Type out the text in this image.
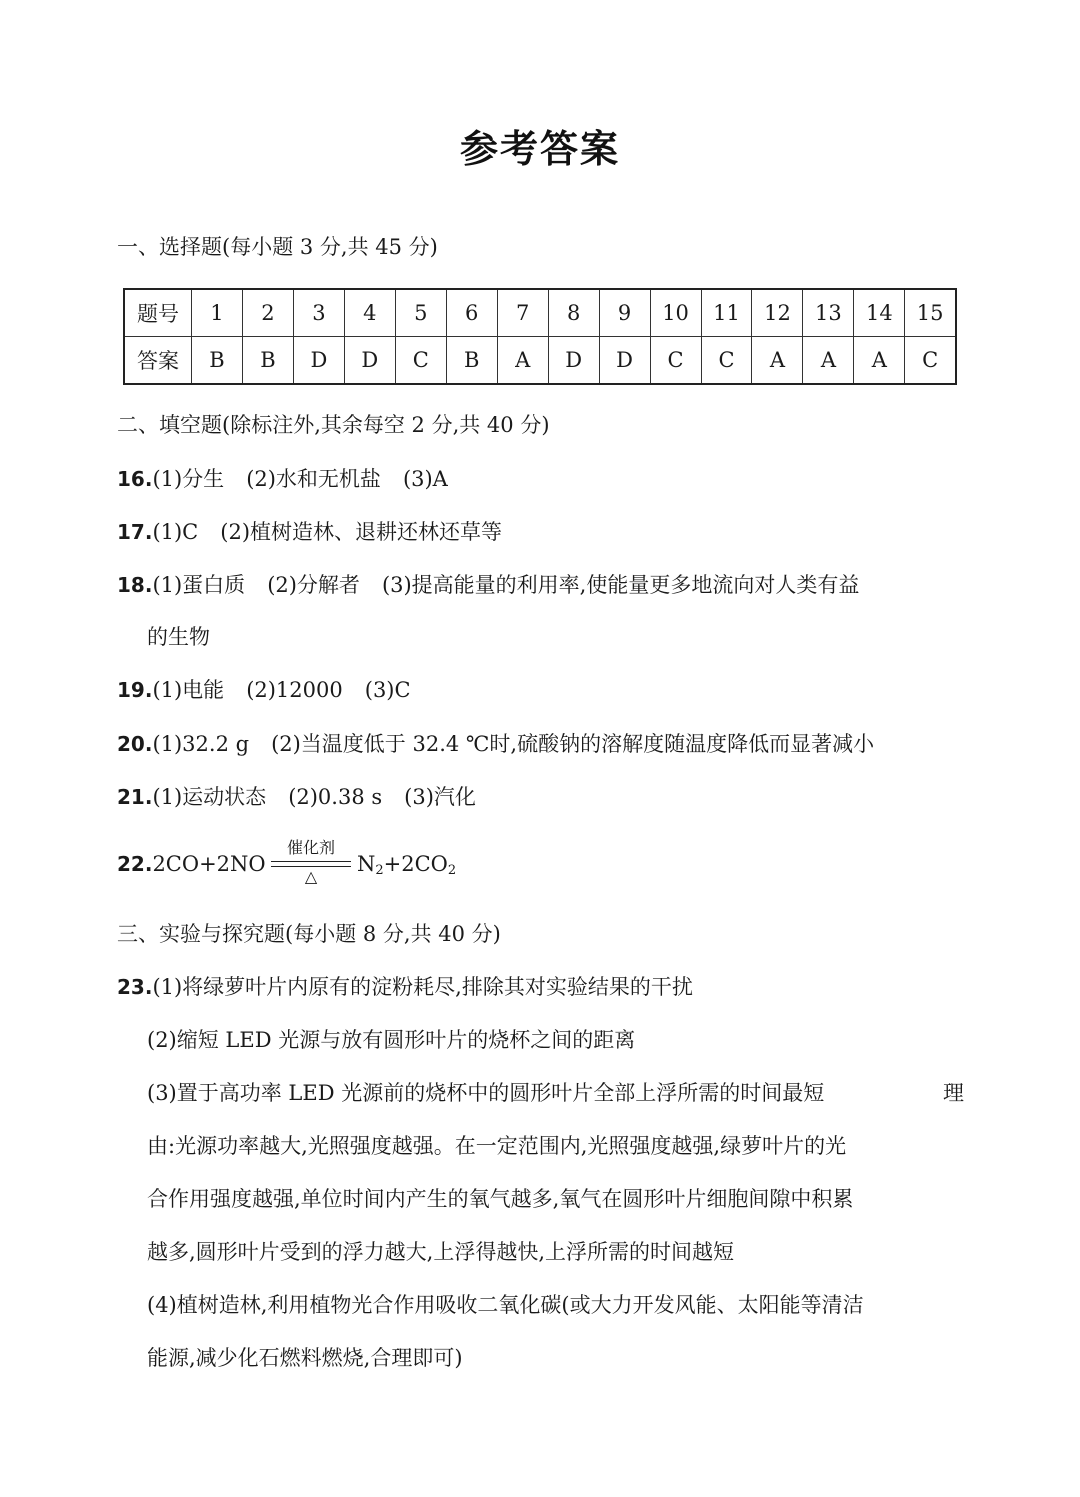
参考答案
一、选择题(每小题 3 分,共 45 分)
题号	1	2	3	4	5	6	7	8	9	10	11	12	13	14	15
答案	B	B	D	D	C	B	A	D	D	C	C	A	A	A	C
二、填空题(除标注外,其余每空 2 分,共 40 分)
16.(1)分生 (2)水和无机盐 (3)A
17.(1)C (2)植树造林、退耕还林还草等
18.(1)蛋白质 (2)分解者 (3)提高能量的利用率,使能量更多地流向对人类有益
的生物
19.(1)电能 (2)12000 (3)C
20.(1)32.2 g (2)当温度低于 32.4 ℃时,硫酸钠的溶解度随温度降低而显著减小
21.(1)运动状态 (2)0.38 s (3)汽化
22.2CO+2NO
催化剂
△
$N_2+2CO_2$
三、实验与探究题(每小题 8 分,共 40 分)
23.(1)将绿萝叶片内原有的淀粉耗尽,排除其对实验结果的干扰
(2)缩短 LED 光源与放有圆形叶片的烧杯之间的距离
(3)置于高功率 LED 光源前的烧杯中的圆形叶片全部上浮所需的时间最短	理
由:光源功率越大,光照强度越强。在一定范围内,光照强度越强,绿萝叶片的光
合作用强度越强,单位时间内产生的氧气越多,氧气在圆形叶片细胞间隙中积累
越多,圆形叶片受到的浮力越大,上浮得越快,上浮所需的时间越短
(4)植树造林,利用植物光合作用吸收二氧化碳(或大力开发风能、太阳能等清洁
能源,减少化石燃料燃烧,合理即可)
